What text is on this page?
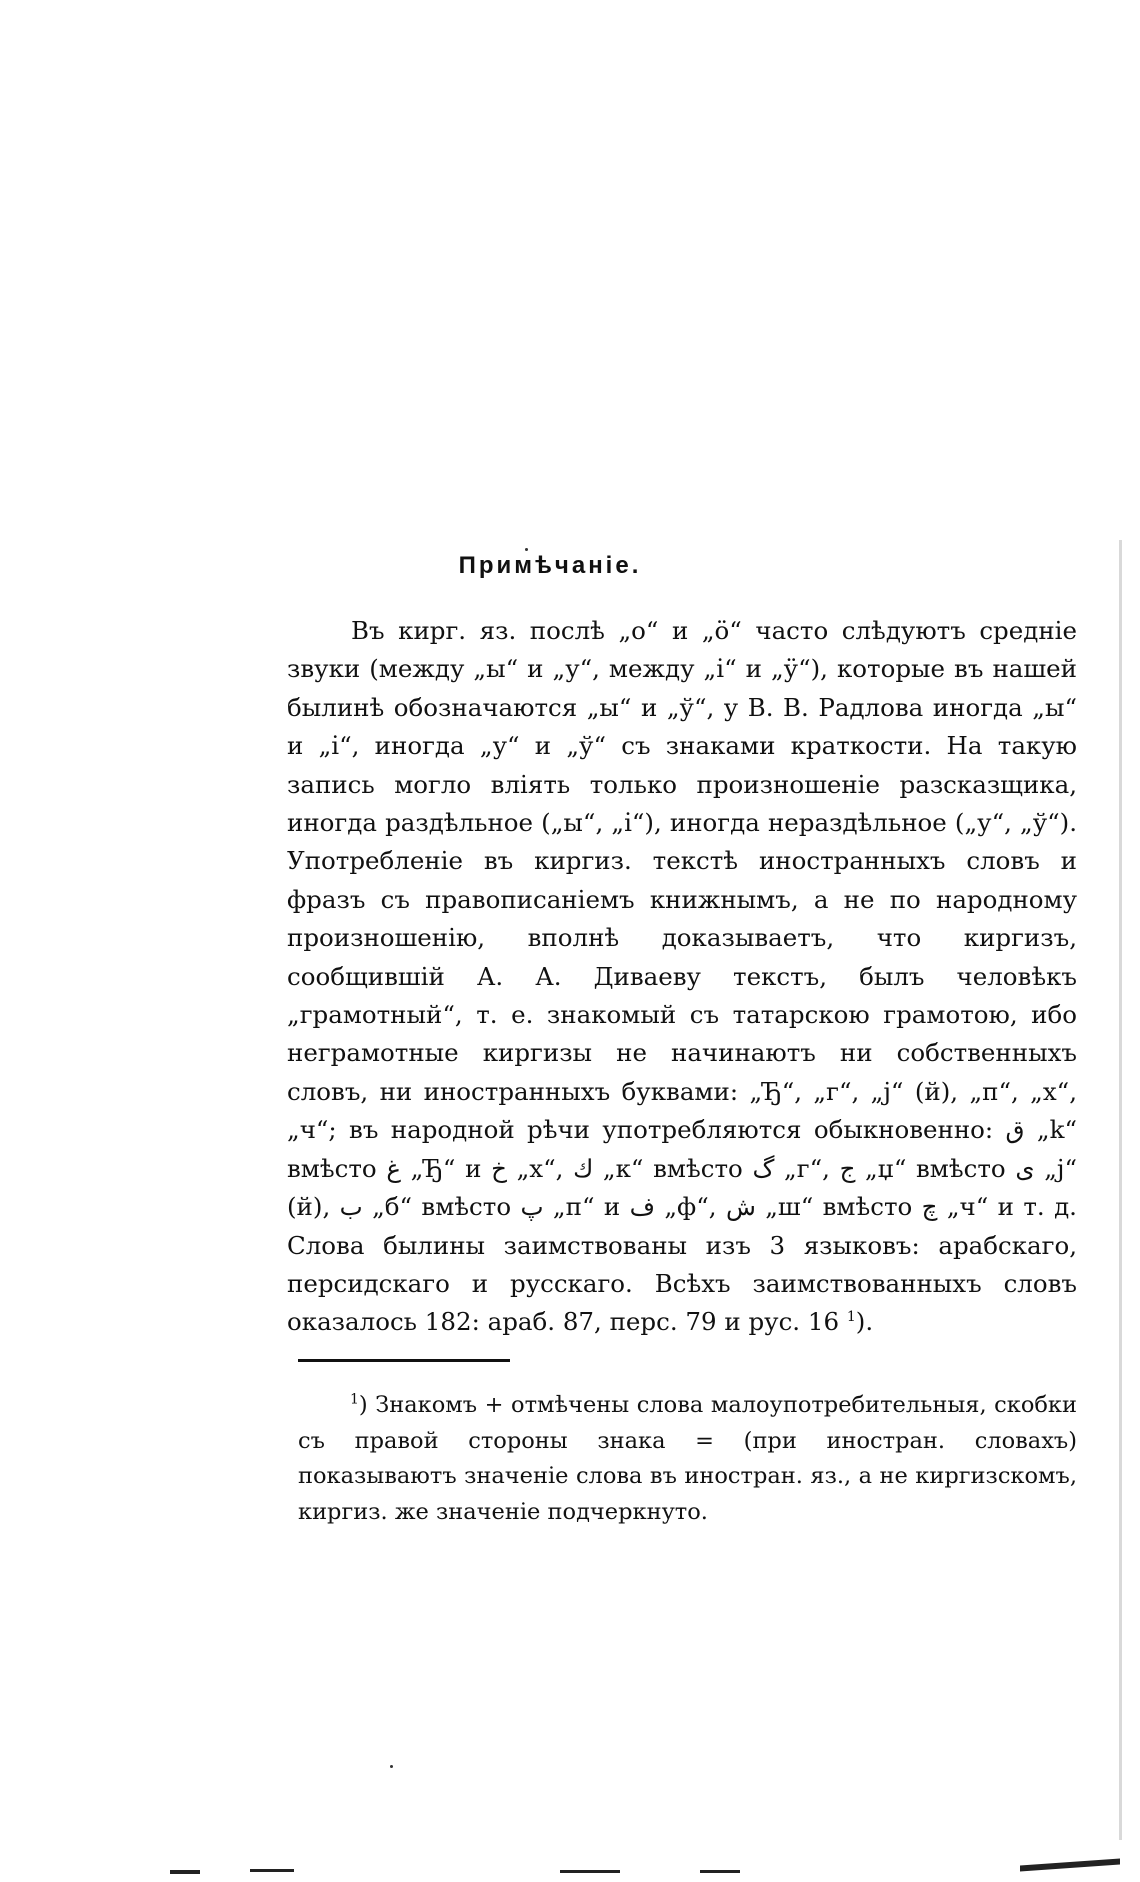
Примѣчаніе.

Въ кирг. яз. послѣ „о“ и „ӧ“ часто слѣдуютъ средніе звуки (между „ы“ и „у“, между „і̇“ и „ӱ“), которые въ нашей былинѣ обозначаются „ы“ и „ў“, у В. В. Радлова иногда „ы“ и „і̇“, иногда „у“ и „ў“ съ знаками краткости. На такую запись могло вліять только произношеніе разсказщика, иногда раздѣльное („ы“, „і̇“), иногда нераздѣльное („у“, „ў“). Употребленіе въ киргиз. текстѣ иностранныхъ словъ и фразъ съ правописаніемъ книжнымъ, а не по народному произношенію, вполнѣ доказываетъ, что киргизъ, сообщившій А. А. Диваеву текстъ, былъ человѣкъ „грамотный“, т. е. знакомый съ татарскою грамотою, ибо неграмотные киргизы не начинаютъ ни собственныхъ словъ, ни иностранныхъ буквами: „Ђ“, „г“, „j“ (й), „п“, „х“, „ч“; въ народной рѣчи употребляются обыкновенно: ق „k“ вмѣсто غ „Ђ“ и خ „х“, ك „к“ вмѣсто گ „г“, ج „џ“ вмѣсто ى „j“ (й), ب „б“ вмѣсто پ „п“ и ف „ф“, ش „ш“ вмѣсто چ „ч“ и т. д. Слова былины заимствованы изъ 3 языковъ: арабскаго, персидскаго и русскаго. Всѣхъ заимствованныхъ словъ оказалось 182: араб. 87, перс. 79 и рус. 16 $^1$).

$^1$) Знакомъ + отмѣчены слова малоупотребительныя, скобки съ правой стороны знака = (при иностран. словахъ) показываютъ значеніе слова въ иностран. яз., а не киргизскомъ, киргиз. же значеніе подчеркнуто.
